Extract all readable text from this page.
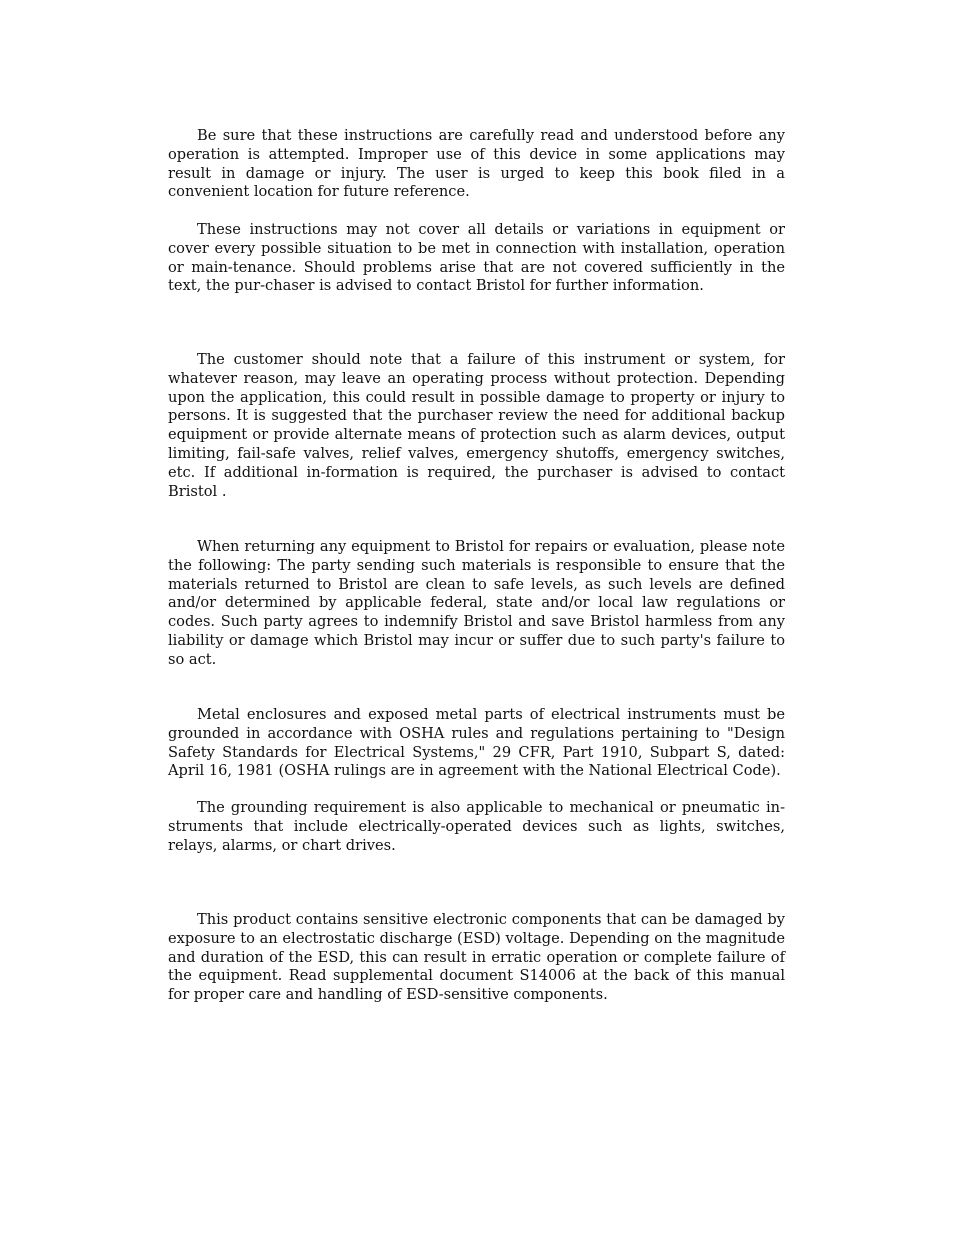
Be sure that these instructions are carefully read and understood before any operation is attempted. Improper use of this device in some applications may result in damage or injury. The user is urged to keep this book filed in a convenient location for future reference.

These instructions may not cover all details or variations in equipment or cover every possible situation to be met in connection with installation, operation or main-tenance. Should problems arise that are not covered sufficiently in the text, the pur-chaser is advised to contact Bristol for further information.

The customer should note that a failure of this instrument or system, for whatever reason, may leave an operating process without protection. Depending upon the application, this could result in possible damage to property or injury to persons. It is suggested that the purchaser review the need for additional backup equipment or provide alternate means of protection such as alarm devices, output limiting, fail-safe valves, relief valves, emergency shutoffs, emergency switches, etc. If additional in-formation is required, the purchaser is advised to contact Bristol .

When returning any equipment to Bristol for repairs or evaluation, please note the following: The party sending such materials is responsible to ensure that the materials returned to Bristol are clean to safe levels, as such levels are defined and/or determined by applicable federal, state and/or local law regulations or codes. Such party agrees to indemnify Bristol and save Bristol harmless from any liability or damage which Bristol may incur or suffer due to such party's failure to so act.

Metal enclosures and exposed metal parts of electrical instruments must be grounded in accordance with OSHA rules and regulations pertaining to "Design Safety Standards for Electrical Systems," 29 CFR, Part 1910, Subpart S, dated: April 16, 1981 (OSHA rulings are in agreement with the National Electrical Code).

The grounding requirement is also applicable to mechanical or pneumatic in-struments that include electrically-operated devices such as lights, switches, relays, alarms, or chart drives.

This product contains sensitive electronic components that can be damaged by exposure to an electrostatic discharge (ESD) voltage. Depending on the magnitude and duration of the ESD, this can result in erratic operation or complete failure of the equipment. Read supplemental document S14006 at the back of this manual for proper care and handling of ESD-sensitive components.
